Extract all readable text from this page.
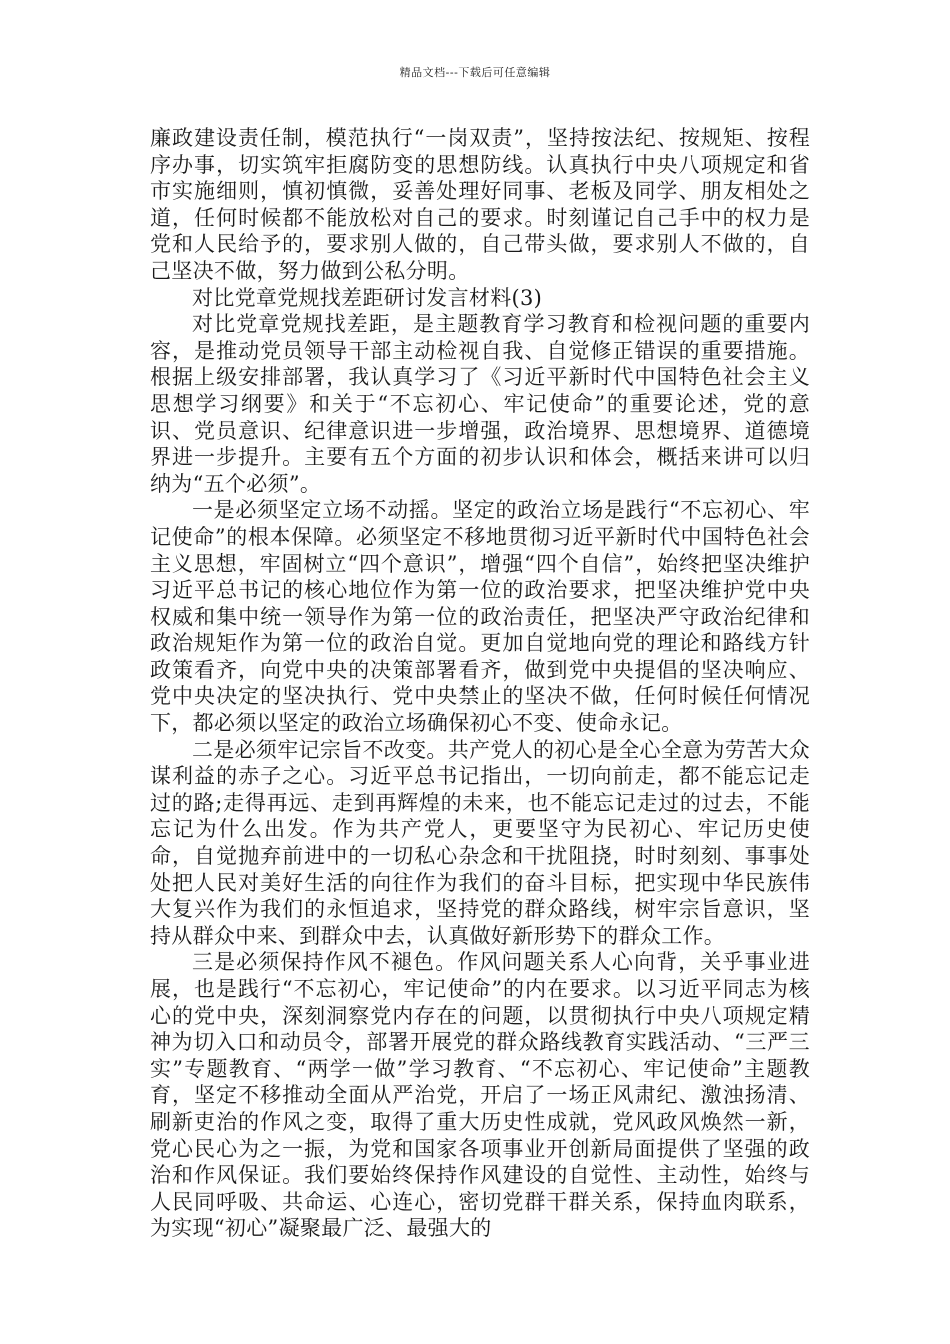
精品文档---下载后可任意编辑

廉政建设责任制，模范执行“一岗双责”，坚持按法纪、按规矩、按程序办事，切实筑牢拒腐防变的思想防线。认真执行中央八项规定和省市实施细则，慎初慎微，妥善处理好同事、老板及同学、朋友相处之道，任何时候都不能放松对自己的要求。时刻谨记自己手中的权力是党和人民给予的，要求别人做的，自己带头做，要求别人不做的，自己坚决不做，努力做到公私分明。

对比党章党规找差距研讨发言材料(3)

对比党章党规找差距，是主题教育学习教育和检视问题的重要内容，是推动党员领导干部主动检视自我、自觉修正错误的重要措施。根据上级安排部署，我认真学习了《习近平新时代中国特色社会主义思想学习纲要》和关于“不忘初心、牢记使命”的重要论述，党的意识、党员意识、纪律意识进一步增强，政治境界、思想境界、道德境界进一步提升。主要有五个方面的初步认识和体会，概括来讲可以归纳为“五个必须”。

一是必须坚定立场不动摇。坚定的政治立场是践行“不忘初心、牢记使命”的根本保障。必须坚定不移地贯彻习近平新时代中国特色社会主义思想，牢固树立“四个意识”，增强“四个自信”，始终把坚决维护习近平总书记的核心地位作为第一位的政治要求，把坚决维护党中央权威和集中统一领导作为第一位的政治责任，把坚决严守政治纪律和政治规矩作为第一位的政治自觉。更加自觉地向党的理论和路线方针政策看齐，向党中央的决策部署看齐，做到党中央提倡的坚决响应、党中央决定的坚决执行、党中央禁止的坚决不做，任何时候任何情况下，都必须以坚定的政治立场确保初心不变、使命永记。

二是必须牢记宗旨不改变。共产党人的初心是全心全意为劳苦大众谋利益的赤子之心。习近平总书记指出，一切向前走，都不能忘记走过的路;走得再远、走到再辉煌的未来，也不能忘记走过的过去，不能忘记为什么出发。作为共产党人，更要坚守为民初心、牢记历史使命，自觉抛弃前进中的一切私心杂念和干扰阻挠，时时刻刻、事事处处把人民对美好生活的向往作为我们的奋斗目标，把实现中华民族伟大复兴作为我们的永恒追求，坚持党的群众路线，树牢宗旨意识，坚持从群众中来、到群众中去，认真做好新形势下的群众工作。

三是必须保持作风不褪色。作风问题关系人心向背，关乎事业进展，也是践行“不忘初心，牢记使命”的内在要求。以习近平同志为核心的党中央，深刻洞察党内存在的问题，以贯彻执行中央八项规定精神为切入口和动员令，部署开展党的群众路线教育实践活动、“三严三实”专题教育、“两学一做”学习教育、“不忘初心、牢记使命”主题教育，坚定不移推动全面从严治党，开启了一场正风肃纪、激浊扬清、刷新吏治的作风之变，取得了重大历史性成就，党风政风焕然一新，党心民心为之一振，为党和国家各项事业开创新局面提供了坚强的政治和作风保证。我们要始终保持作风建设的自觉性、主动性，始终与人民同呼吸、共命运、心连心，密切党群干群关系，保持血肉联系，为实现“初心”凝聚最广泛、最强大的
